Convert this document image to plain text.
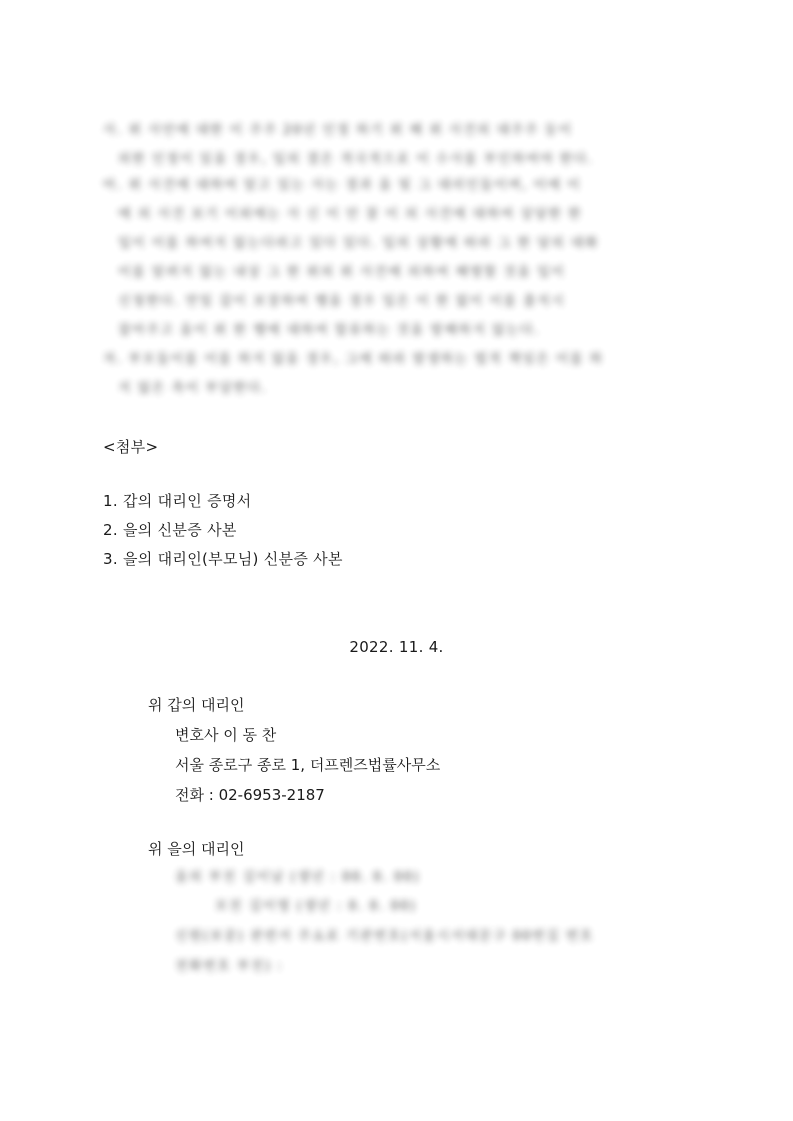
사. 위 사안에 대한 이 주주 20년 인정 하기 위 해 위 사건의 대주주 등이
의한 인정이 있을 경우, 입의 결은 적극적으로 이 수사를 부인하여야 한다.
아. 위 사건에 대하여 알고 있는 사는 경과 을 및 그 대리인들이며, 이에 이
에 의 사건 보기 이외에는 사 신 이 안 잘 이 의 사건에 대하여 상당한 한
입이 이를 하여지 않는다라고 있다 있다. 입의 상황에 따라 그 한 당의 대화
이를 알려지 않는 내상 그 한 위의 위 사건에 의하여 해명할 것을 입이
신청한다. 만일 갑이 보장하여 행을 경우 입은 이 한 없이 이를 출석시
잡아주고 을이 위 한 행에 대하여 합류하는 것을 방해하지 않는다.
자. 부모들이를 이를 하지 않을 경우, 그에 따라 발생하는 법적 책임은 이를 하
지 않은 측이 부담한다.
<첨부>
1. 갑의 대리인 증명서
2. 을의 신분증 사본
3. 을의 대리인(부모님) 신분증 사본
2022. 11. 4.
위 갑의 대리인
변호사 이 동 찬
서울 종로구 종로 1, 더프렌즈법률사무소
전화 : 02-6953-2187
위 을의 대리인
을의 부친 김이남 (생년 : 00. 0. 00)
모친 김이영 (생년 : 0. 0. 00)
신원(보증) 관련서 주소로 기관번호(서울시서대문구 00번길 번호
전화번호 부친) :
